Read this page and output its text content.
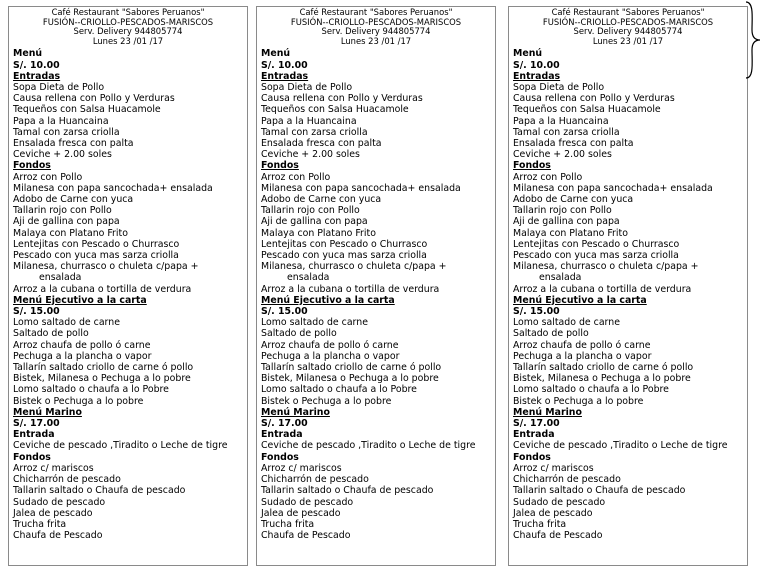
Café Restaurant "Sabores Peruanos"
FUSIÓN--CRIOLLO-PESCADOS-MARISCOS
Serv. Delivery 944805774
Lunes 23 /01 /17
Menú
S/. 10.00
Entradas
Sopa Dieta de Pollo
Causa rellena con Pollo y Verduras
Tequeños con Salsa Huacamole
Papa a la Huancaina
Tamal con zarsa criolla
Ensalada fresca con palta
Ceviche + 2.00 soles
Fondos
Arroz con Pollo
Milanesa con papa sancochada+ ensalada
Adobo de Carne con yuca
Tallarin rojo con Pollo
Aji de gallina con papa
Malaya con Platano Frito
Lentejitas con Pescado o Churrasco
Pescado con yuca mas sarza criolla
Milanesa, churrasco o chuleta c/papa +
ensalada
Arroz a la cubana o tortilla de verdura
Menú Ejecutivo a la carta
S/. 15.00
Lomo saltado de carne
Saltado de pollo
Arroz chaufa de pollo ó carne
Pechuga a la plancha o vapor
Tallarín saltado criollo de carne ó pollo
Bistek, Milanesa o Pechuga a lo pobre
Lomo saltado o chaufa a lo Pobre
Bistek o Pechuga a lo pobre
Menú Marino
S/. 17.00
Entrada
Ceviche de pescado ,Tiradito o Leche de tigre
Fondos
Arroz c/ mariscos
Chicharrón de pescado
Tallarin saltado o Chaufa de pescado
Sudado de pescado
Jalea de pescado
Trucha frita
Chaufa de Pescado
Café Restaurant "Sabores Peruanos"
FUSIÓN--CRIOLLO-PESCADOS-MARISCOS
Serv. Delivery 944805774
Lunes 23 /01 /17
Menú
S/. 10.00
Entradas
Sopa Dieta de Pollo
Causa rellena con Pollo y Verduras
Tequeños con Salsa Huacamole
Papa a la Huancaina
Tamal con zarsa criolla
Ensalada fresca con palta
Ceviche + 2.00 soles
Fondos
Arroz con Pollo
Milanesa con papa sancochada+ ensalada
Adobo de Carne con yuca
Tallarin rojo con Pollo
Aji de gallina con papa
Malaya con Platano Frito
Lentejitas con Pescado o Churrasco
Pescado con yuca mas sarza criolla
Milanesa, churrasco o chuleta c/papa +
ensalada
Arroz a la cubana o tortilla de verdura
Menú Ejecutivo a la carta
S/. 15.00
Lomo saltado de carne
Saltado de pollo
Arroz chaufa de pollo ó carne
Pechuga a la plancha o vapor
Tallarín saltado criollo de carne ó pollo
Bistek, Milanesa o Pechuga a lo pobre
Lomo saltado o chaufa a lo Pobre
Bistek o Pechuga a lo pobre
Menú Marino
S/. 17.00
Entrada
Ceviche de pescado ,Tiradito o Leche de tigre
Fondos
Arroz c/ mariscos
Chicharrón de pescado
Tallarin saltado o Chaufa de pescado
Sudado de pescado
Jalea de pescado
Trucha frita
Chaufa de Pescado
Café Restaurant "Sabores Peruanos"
FUSIÓN--CRIOLLO-PESCADOS-MARISCOS
Serv. Delivery 944805774
Lunes 23 /01 /17
Menú
S/. 10.00
Entradas
Sopa Dieta de Pollo
Causa rellena con Pollo y Verduras
Tequeños con Salsa Huacamole
Papa a la Huancaina
Tamal con zarsa criolla
Ensalada fresca con palta
Ceviche + 2.00 soles
Fondos
Arroz con Pollo
Milanesa con papa sancochada+ ensalada
Adobo de Carne con yuca
Tallarin rojo con Pollo
Aji de gallina con papa
Malaya con Platano Frito
Lentejitas con Pescado o Churrasco
Pescado con yuca mas sarza criolla
Milanesa, churrasco o chuleta c/papa +
ensalada
Arroz a la cubana o tortilla de verdura
Menú Ejecutivo a la carta
S/. 15.00
Lomo saltado de carne
Saltado de pollo
Arroz chaufa de pollo ó carne
Pechuga a la plancha o vapor
Tallarín saltado criollo de carne ó pollo
Bistek, Milanesa o Pechuga a lo pobre
Lomo saltado o chaufa a lo Pobre
Bistek o Pechuga a lo pobre
Menú Marino
S/. 17.00
Entrada
Ceviche de pescado ,Tiradito o Leche de tigre
Fondos
Arroz c/ mariscos
Chicharrón de pescado
Tallarin saltado o Chaufa de pescado
Sudado de pescado
Jalea de pescado
Trucha frita
Chaufa de Pescado
